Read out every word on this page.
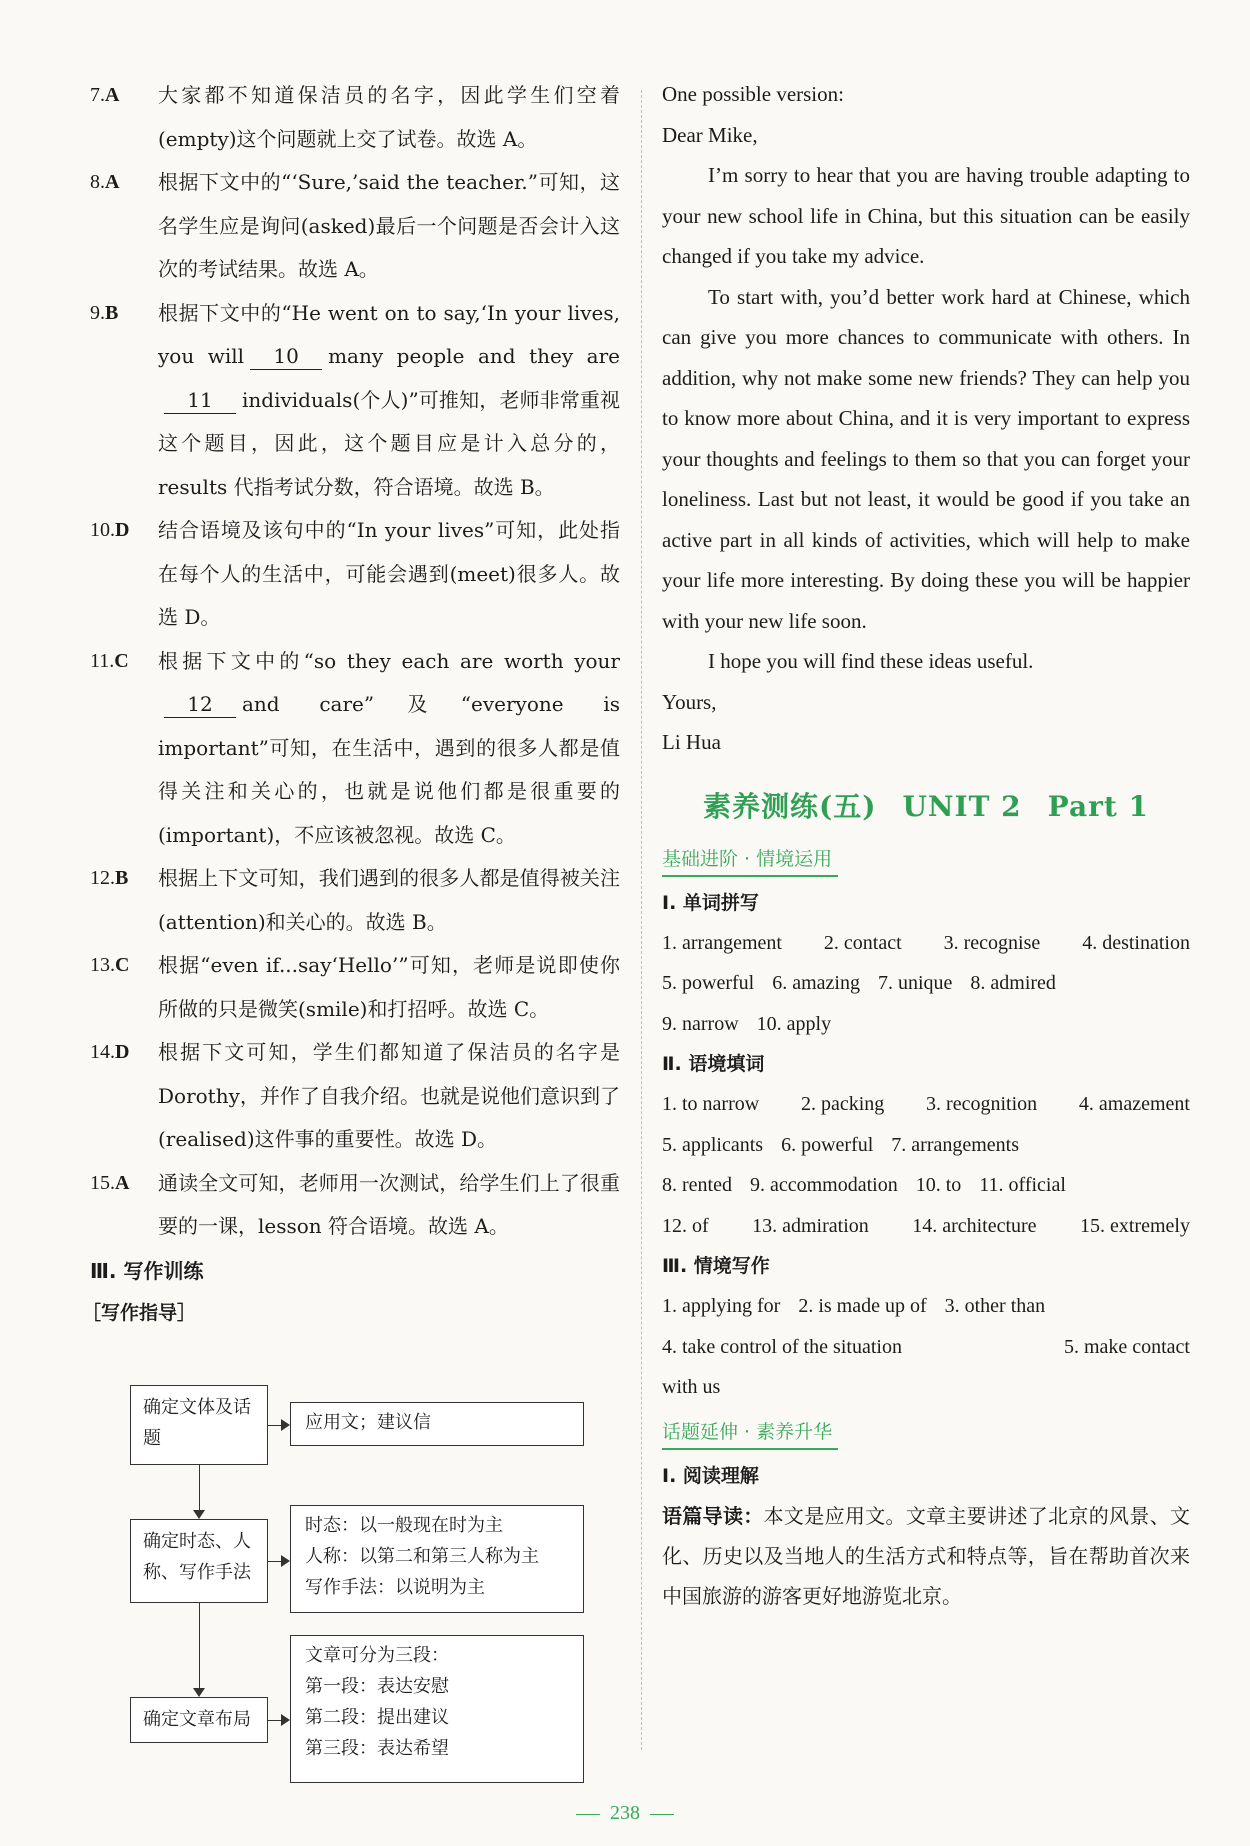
7.A 大家都不知道保洁员的名字，因此学生们空着(empty)这个问题就上交了试卷。故选 A。
8.A 根据下文中的“‘Sure,’said the teacher.”可知，这名学生应是询问(asked)最后一个问题是否会计入这次的考试结果。故选 A。
9.B 根据下文中的“He went on to say,‘In your lives, you will 10 many people and they are11 individuals(个人)”可推知，老师非常重视这个题目，因此，这个题目应是计入总分的，results 代指考试分数，符合语境。故选 B。
10.D 结合语境及该句中的“In your lives”可知，此处指在每个人的生活中，可能会遇到(meet)很多人。故选 D。
11.C 根据下文中的“so they each are worth your12 and care”及“everyone is important”可知，在生活中，遇到的很多人都是值得关注和关心的，也就是说他们都是很重要的(important)，不应该被忽视。故选 C。
12.B 根据上下文可知，我们遇到的很多人都是值得被关注(attention)和关心的。故选 B。
13.C 根据“even if...say‘Hello’”可知，老师是说即使你所做的只是微笑(smile)和打招呼。故选 C。
14.D 根据下文可知，学生们都知道了保洁员的名字是 Dorothy，并作了自我介绍。也就是说他们意识到了(realised)这件事的重要性。故选 D。
15.A 通读全文可知，老师用一次测试，给学生们上了很重要的一课，lesson 符合语境。故选 A。
Ⅲ. 写作训练
［写作指导］
确定文体及话题
应用文；建议信
确定时态、人称、写作手法
时态：以一般现在时为主
人称：以第二和第三人称为主
写作手法：以说明为主
确定文章布局
文章可分为三段：
第一段：表达安慰
第二段：提出建议
第三段：表达希望

One possible version:

Dear Mike,

I’m sorry to hear that you are having trouble adapting to your new school life in China, but this situation can be easily changed if you take my advice.

To start with, you’d better work hard at Chinese, which can give you more chances to communicate with others. In addition, why not make some new friends? They can help you to know more about China, and it is very important to express your thoughts and feelings to them so that you can forget your loneliness. Last but not least, it would be good if you take an active part in all kinds of activities, which will help to make your life more interesting. By doing these you will be happier with your new life soon.

I hope you will find these ideas useful.

Yours,

Li Hua

素养测练(五) UNIT 2 Part 1
基础进阶 · 情境运用
Ⅰ. 单词拼写
1. arrangement 2. contact 3. recognise 4. destination
5. powerful 6. amazing 7. unique 8. admired
9. narrow 10. apply
Ⅱ. 语境填词
1. to narrow 2. packing 3. recognition 4. amazement
5. applicants 6. powerful 7. arrangements
8. rented 9. accommodation 10. to 11. official
12. of 13. admiration 14. architecture 15. extremely
Ⅲ. 情境写作
1. applying for 2. is made up of 3. other than
4. take control of the situation	5. make contact
with us
话题延伸 · 素养升华
Ⅰ. 阅读理解
语篇导读：本文是应用文。文章主要讲述了北京的风景、文化、历史以及当地人的生活方式和特点等，旨在帮助首次来中国旅游的游客更好地游览北京。
238
